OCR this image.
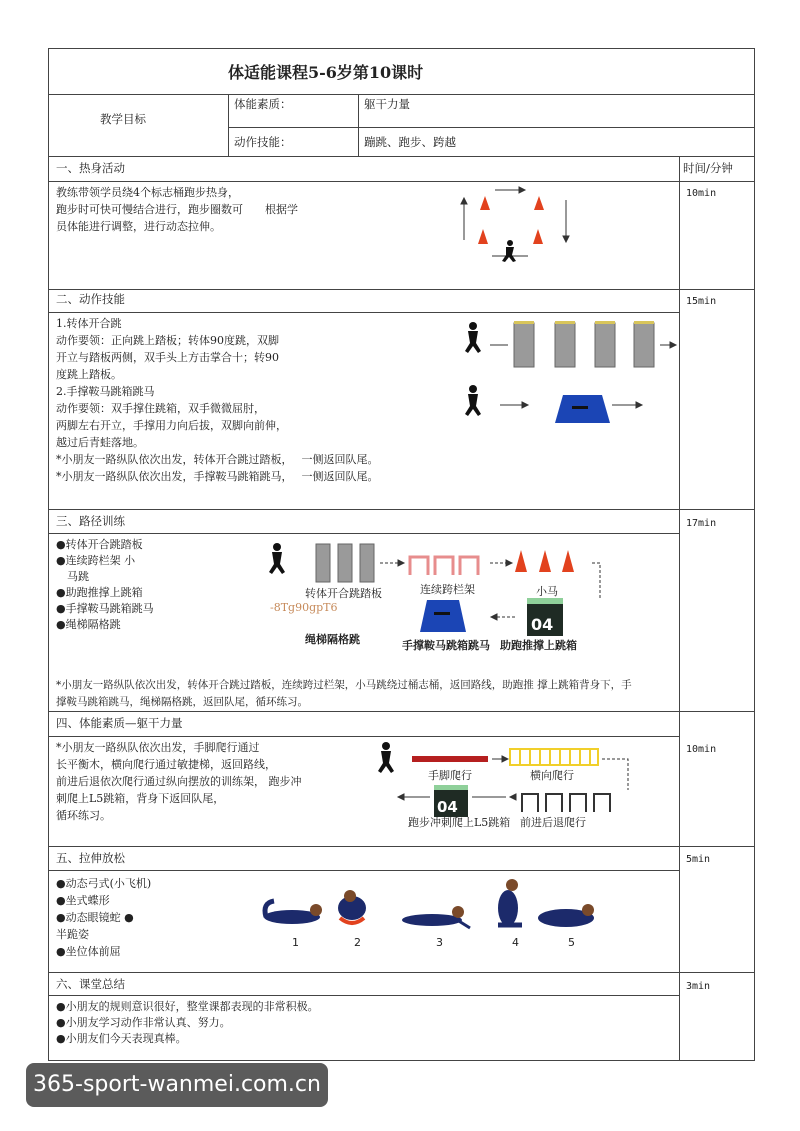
体适能课程5-6岁第10课时
教学目标
体能素质：	躯干力量
动作技能：	蹦跳、跑步、跨越
时间/分钟
一、热身活动
10min
教练带领学员绕4个标志桶跑步热身，
跑步时可快可慢结合进行，跑步圈数可　　根据学
员体能进行调整，进行动态拉伸。
二、动作技能	15min
1.转体开合跳
动作要领：正向跳上踏板；转体90度跳，双脚
开立与踏板两侧，双手头上方击掌合十；转90
度跳上踏板。
2.手撑鞍马跳箱跳马
动作要领：双手撑住跳箱，双手微微屈肘，
两脚左右开立，手撑用力向后拔，双脚向前伸，
越过后青蛙落地。
*小朋友一路纵队依次出发，转体开合跳过踏板，　 一侧返回队尾。
*小朋友一路纵队依次出发，手撑鞍马跳箱跳马，　 一侧返回队尾。
三、路径训练	17min
●转体开合跳踏板
●连续跨栏架 小
　马跳
●助跑推撑上跳箱
●手撑鞍马跳箱跳马
●绳梯隔格跳
转体开合跳踏板	连续跨栏架	小马
-8Tg90gpT6
绳梯隔格跳	手撑鞍马跳箱跳马 助跑推撑上跳箱
04
*小朋友一路纵队依次出发，转体开合跳过踏板，连续跨过栏架，小马跳绕过桶志桶，返回路线，助跑推 撑上跳箱背身下，手
撑鞍马跳箱跳马，绳梯隔格跳，返回队尾，循环练习。
四、体能素质—躯干力量
10min
*小朋友一路纵队依次出发，手脚爬行通过
长平衡木，横向爬行通过敏捷梯，返回路线，
前进后退依次爬行通过纵向摆放的训练架， 跑步冲
刺爬上L5跳箱，背身下返回队尾，
循环练习。
手脚爬行	横向爬行
跑步冲刺爬上L5跳箱 前进后退爬行
04
五、拉伸放松	5min
●动态弓式(小飞机)
●坐式蝶形
●动态眼镜蛇 ●
半跪姿
●坐位体前屈
1	2	3	4	5
六、课堂总结	3min
●小朋友的规则意识很好，整堂课都表现的非常积极。
●小朋友学习动作非常认真、努力。
●小朋友们今天表现真棒。
365-sport-wanmei.com.cn
